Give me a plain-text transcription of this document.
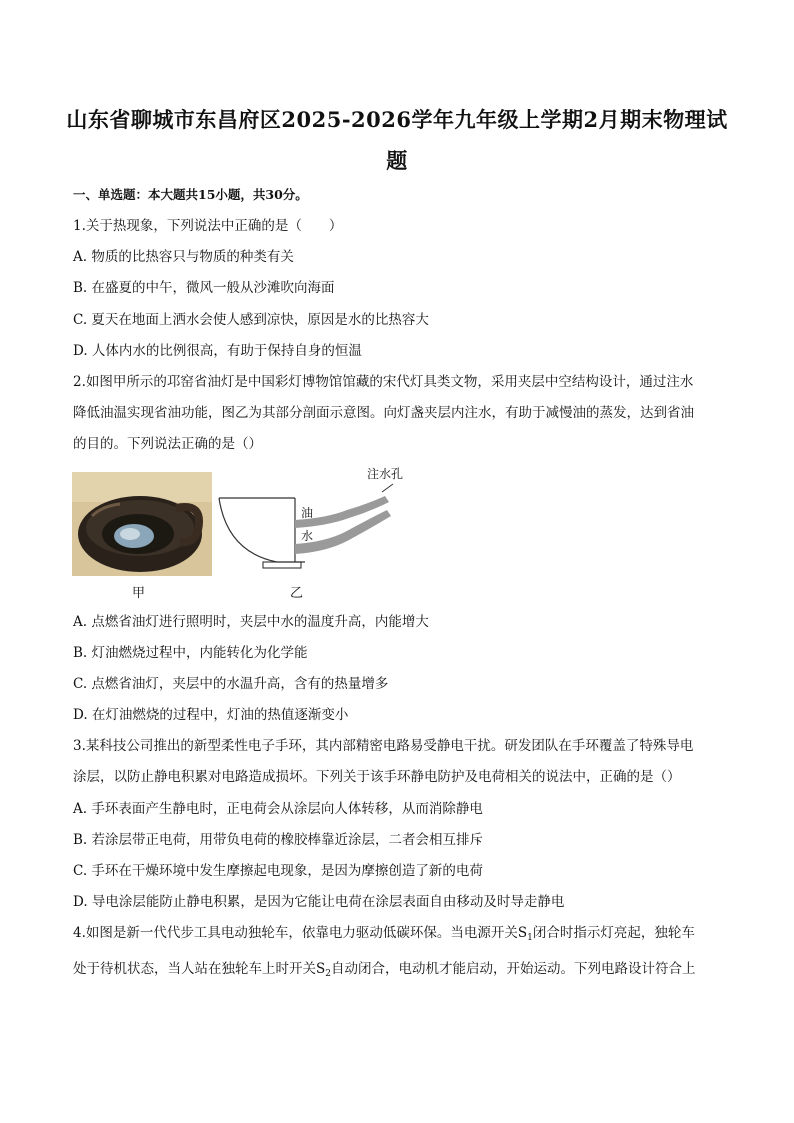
山东省聊城市东昌府区2025-2026学年九年级上学期2月期末物理试
题
一、单选题：本大题共15小题，共30分。
1.关于热现象，下列说法中正确的是（　　）
A. 物质的比热容只与物质的种类有关
B. 在盛夏的中午，微风一般从沙滩吹向海面
C. 夏天在地面上洒水会使人感到凉快，原因是水的比热容大
D. 人体内水的比例很高，有助于保持自身的恒温
2.如图甲所示的邛窑省油灯是中国彩灯博物馆馆藏的宋代灯具类文物，采用夹层中空结构设计，通过注水
降低油温实现省油功能，图乙为其部分剖面示意图。向灯盏夹层内注水，有助于减慢油的蒸发，达到省油
的目的。下列说法正确的是（）
油
水
注水孔
甲	乙
A. 点燃省油灯进行照明时，夹层中水的温度升高，内能增大
B. 灯油燃烧过程中，内能转化为化学能
C. 点燃省油灯，夹层中的水温升高，含有的热量增多
D. 在灯油燃烧的过程中，灯油的热值逐渐变小
3.某科技公司推出的新型柔性电子手环，其内部精密电路易受静电干扰。研发团队在手环覆盖了特殊导电
涂层，以防止静电积累对电路造成损坏。下列关于该手环静电防护及电荷相关的说法中，正确的是（）
A. 手环表面产生静电时，正电荷会从涂层向人体转移，从而消除静电
B. 若涂层带正电荷，用带负电荷的橡胶棒靠近涂层，二者会相互排斥
C. 手环在干燥环境中发生摩擦起电现象，是因为摩擦创造了新的电荷
D. 导电涂层能防止静电积累，是因为它能让电荷在涂层表面自由移动及时导走静电
4.如图是新一代代步工具电动独轮车，依靠电力驱动低碳环保。当电源开关$S_1$闭合时指示灯亮起，独轮车
处于待机状态，当人站在独轮车上时开关$S_2$自动闭合，电动机才能启动，开始运动。下列电路设计符合上
